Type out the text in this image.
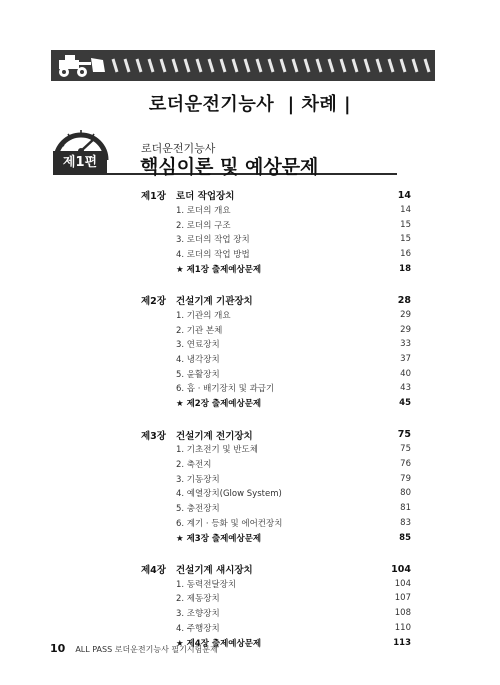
로더운전기능사  | 차례 |
제1편
로더운전기능사
핵심이론 및 예상문제
제1장	로더 작업장치	14
1. 로더의 개요	14
2. 로더의 구조	15
3. 로더의 작업 장치	15
4. 로더의 작업 방법	16
★ 제1장 출제예상문제	18
제2장	건설기계 기관장치	28
1. 기관의 개요	29
2. 기관 본체	29
3. 연료장치	33
4. 냉각장치	37
5. 윤활장치	40
6. 흡 · 배기장치 및 과급기	43
★ 제2장 출제예상문제	45
제3장	건설기계 전기장치	75
1. 기초전기 및 반도체	75
2. 축전지	76
3. 기동장치	79
4. 예열장치(Glow System)	80
5. 충전장치	81
6. 계기 · 등화 및 에어컨장치	83
★ 제3장 출제예상문제	85
제4장	건설기계 섀시장치	104
1. 동력전달장치	104
2. 제동장치	107
3. 조향장치	108
4. 주행장치	110
★ 제4장 출제예상문제	113
10 ALL PASS 로더운전기능사 필기시험문제
